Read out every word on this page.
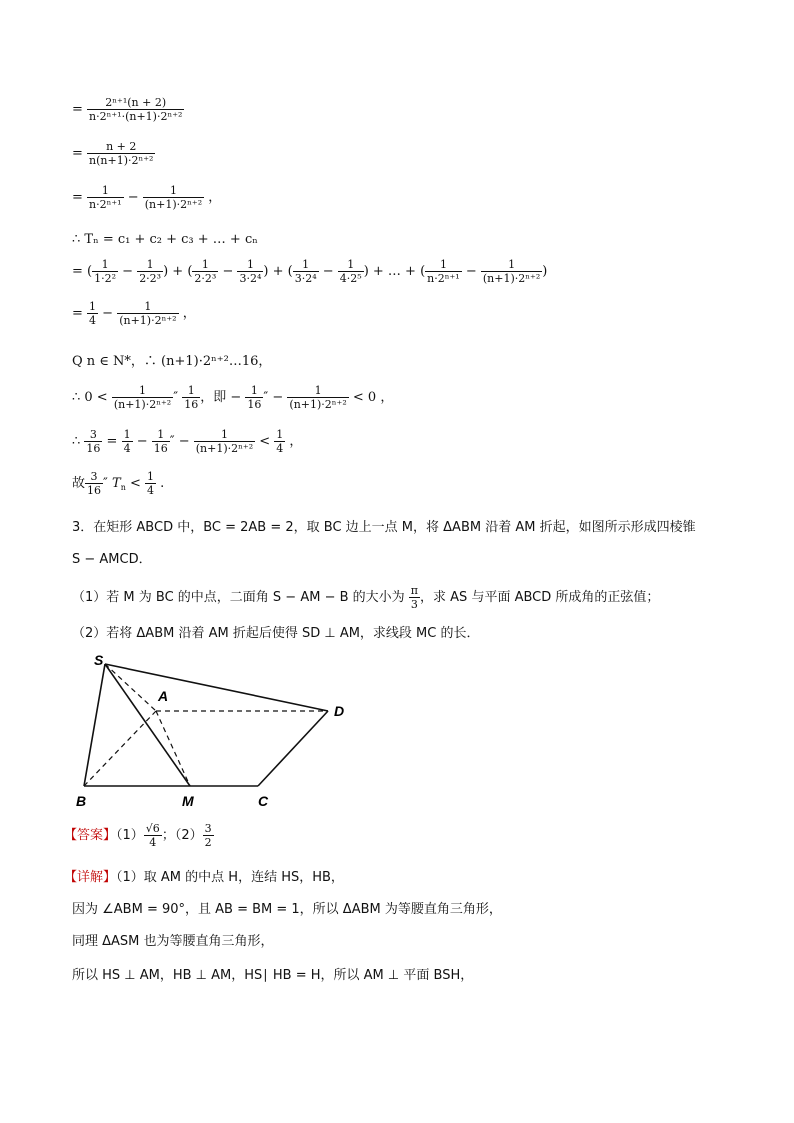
= $\frac{\text{2ⁿ⁺¹(n + 2)}}{\text{n·2ⁿ⁺¹·(n+1)·2ⁿ⁺²}}$
= $\frac{n + 2}{\text{n(n+1)·2ⁿ⁺²}}$
= $\frac{1}{\text{n·2ⁿ⁺¹}} - \frac{1}{\text{(n+1)·2ⁿ⁺²}}$ ，
∴ Tₙ = c₁ + c₂ + c₃ + … + cₙ
= ( $\frac{1}{\text{1·2²}} - \frac{1}{\text{2·2³}}$ ) + ( $\frac{1}{\text{2·2³}} - \frac{1}{\text{3·2⁴}}$ ) + ( $\frac{1}{\text{3·2⁴}} - \frac{1}{\text{4·2⁵}}$ ) + … + ( $\frac{1}{\text{n·2ⁿ⁺¹}} - \frac{1}{\text{(n+1)·2ⁿ⁺²}}$ )
= $\frac{1}{4} - \frac{1}{\text{(n+1)·2ⁿ⁺²}}$ ，
Q n ∈ N*，∴ (n+1)·2ⁿ⁺²…16，
∴ $0 < \frac{1}{\text{(n+1)·2ⁿ⁺²}}$ ″ $\frac{1}{16}$ ，即 − $\frac{1}{16}$ ″ − $\frac{1}{\text{(n+1)·2ⁿ⁺²}} < 0$ ，
∴ $\frac{3}{16} = \frac{1}{4} - \frac{1}{16}$ ″ − $\frac{1}{\text{(n+1)·2ⁿ⁺²}} < \frac{1}{4}$ ，
故 $\frac{3}{16}$ ″ $T_n < \frac{1}{4}$ .
3．在矩形 ABCD 中，BC = 2AB = 2，取 BC 边上一点 M，将 ΔABM 沿着 AM 折起，如图所示形成四棱锥
S − AMCD．
（1）若 M 为 BC 的中点，二面角 S − AM − B 的大小为 $\frac{\pi}{3}$ ，求 AS 与平面 ABCD 所成角的正弦值；
（2）若将 ΔABM 沿着 AM 折起后使得 SD ⊥ AM，求线段 MC 的长．
S
A
D
B	M	C
【答案】$(1) \frac{√6}{4}$ ；$(2) \frac{3}{2}$
【详解】（1）取 AM 的中点 H，连结 HS，HB，
因为 ∠ABM = 90°，且 AB = BM = 1，所以 ΔABM 为等腰直角三角形，
同理 ΔASM 也为等腰直角三角形，
所以 HS ⊥ AM，HB ⊥ AM，HS∣ HB = H，所以 AM ⊥ 平面 BSH，
